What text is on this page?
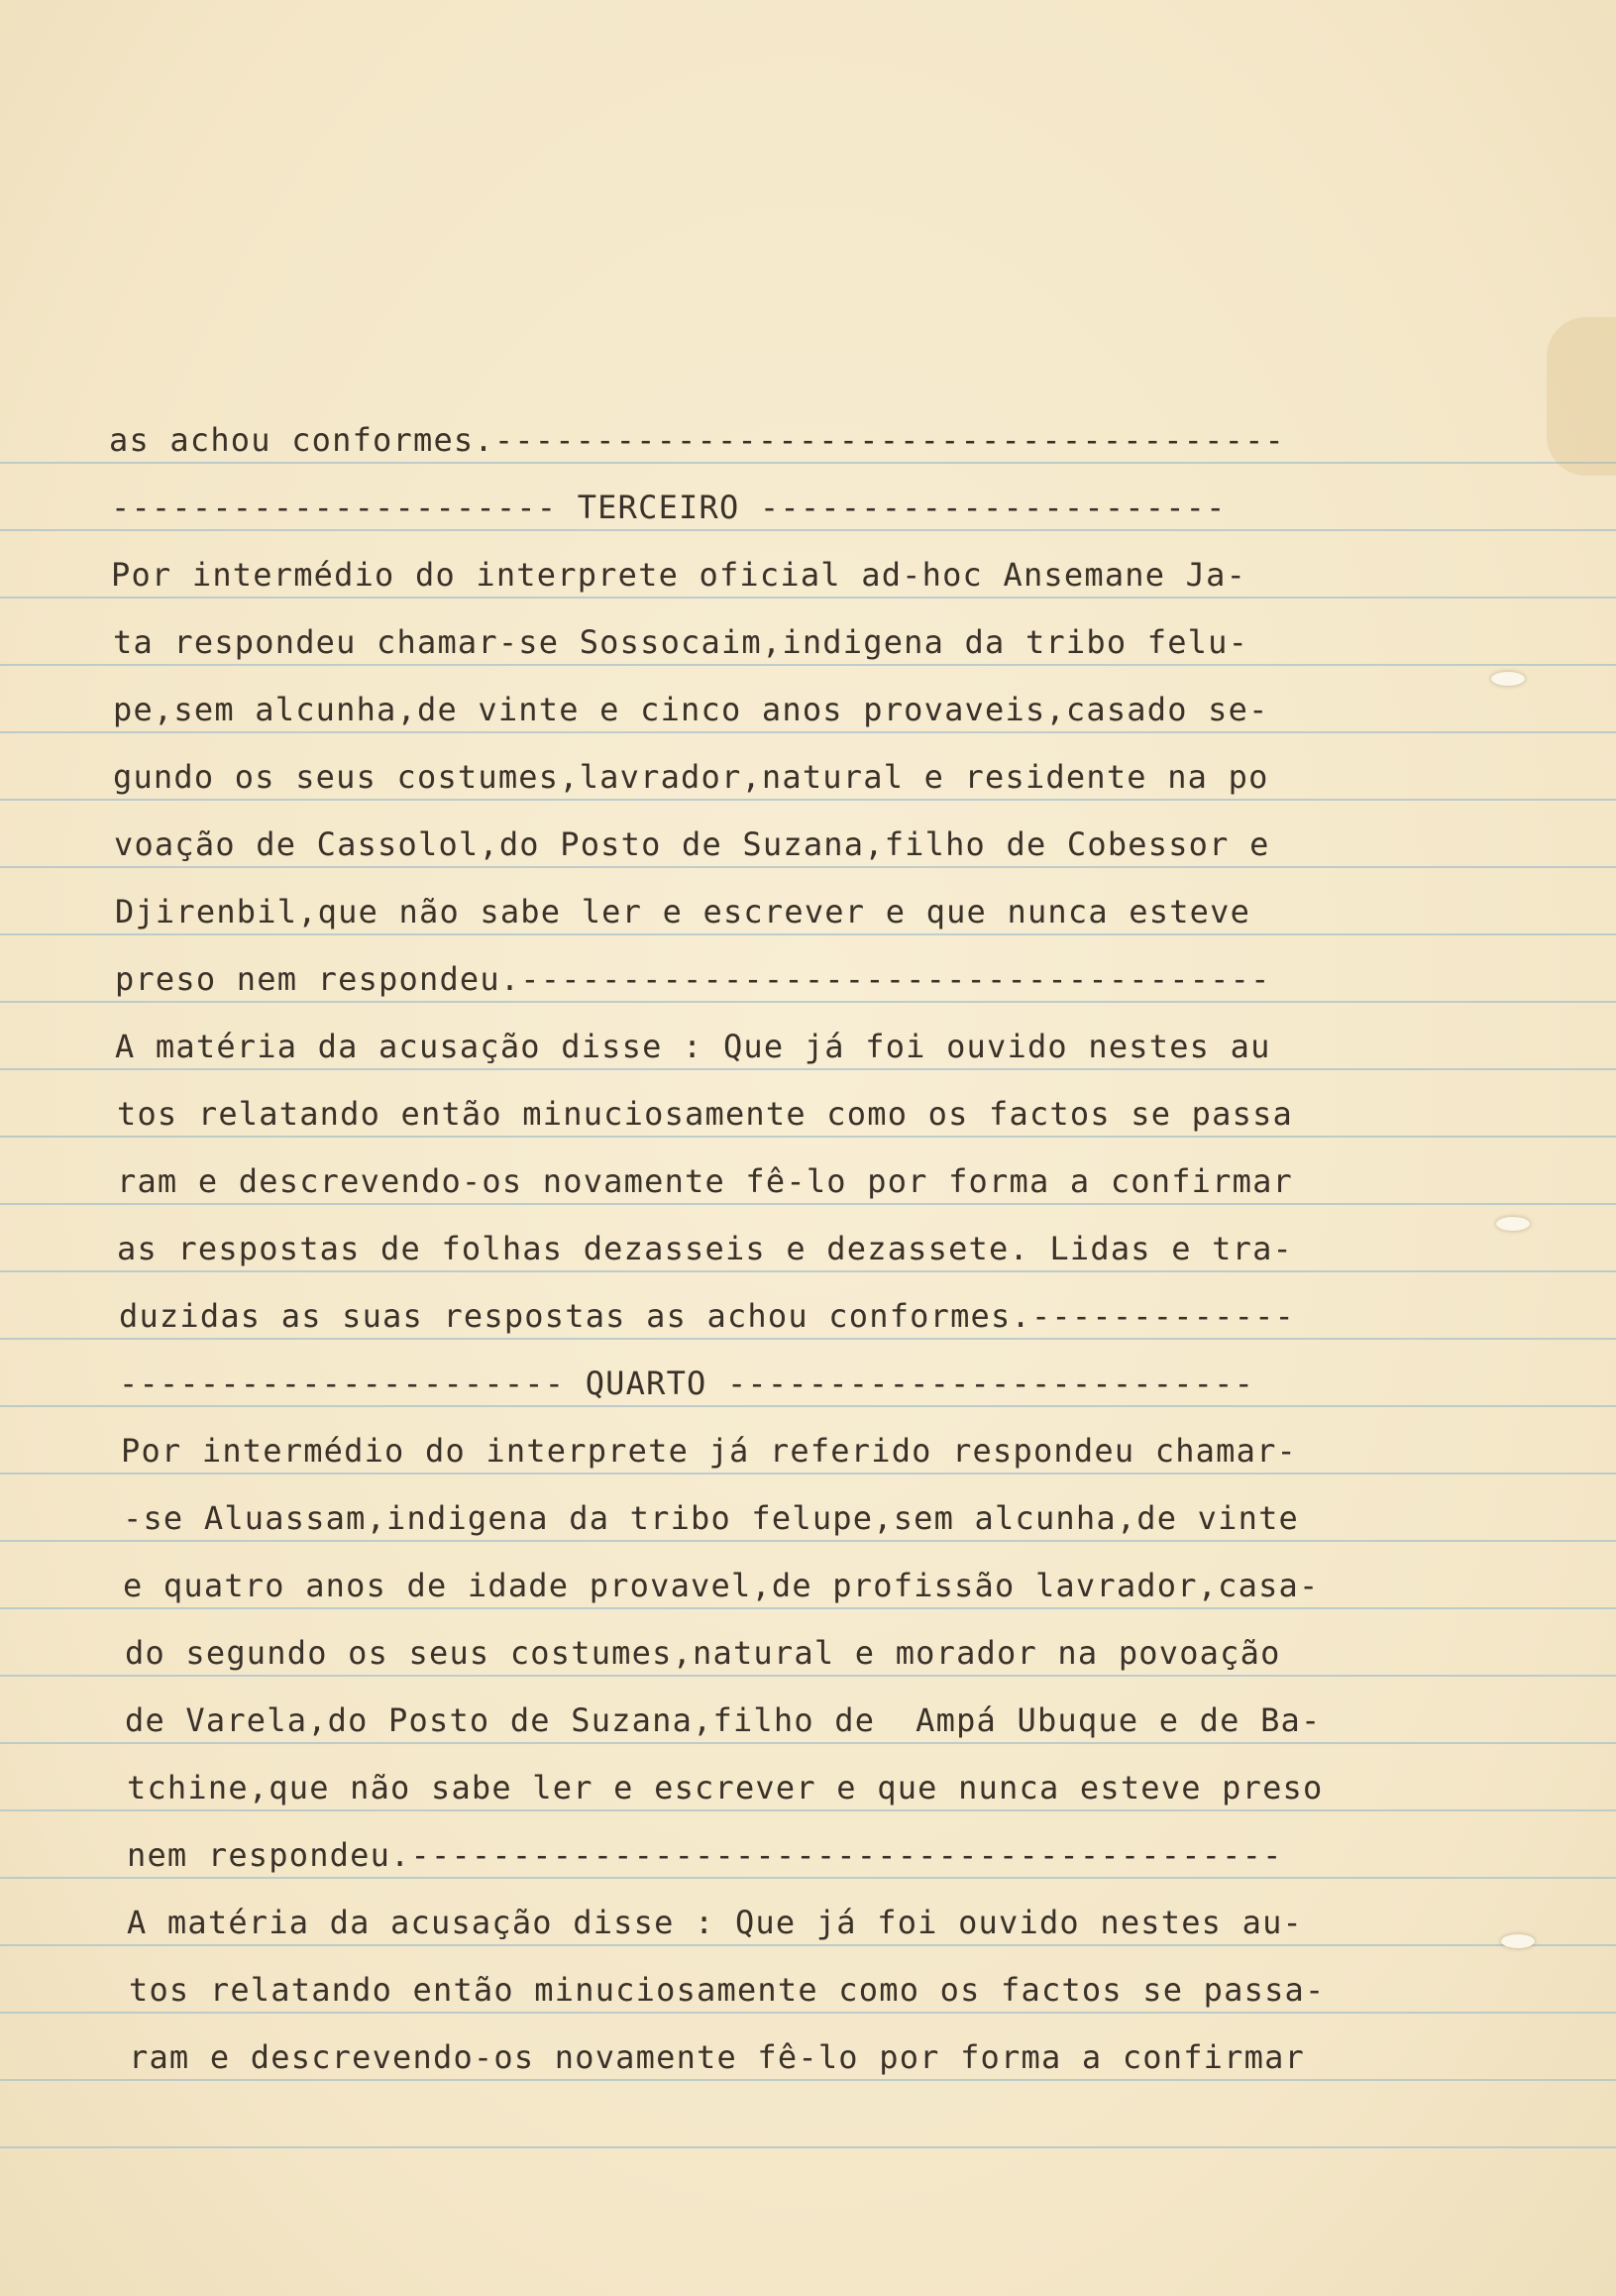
as achou conformes.---------------------------------------

---------------------- TERCEIRO -----------------------

Por intermédio do interprete oficial ad-hoc Ansemane Ja-

ta respondeu chamar-se Sossocaim,indigena da tribo felu-

pe,sem alcunha,de vinte e cinco anos provaveis,casado se-

gundo os seus costumes,lavrador,natural e residente na po

voação de Cassolol,do Posto de Suzana,filho de Cobessor e

Djirenbil,que não sabe ler e escrever e que nunca esteve

preso nem respondeu.-------------------------------------

A matéria da acusação disse : Que já foi ouvido nestes au

tos relatando então minuciosamente como os factos se passa

ram e descrevendo-os novamente fê-lo por forma a confirmar

as respostas de folhas dezasseis e dezassete. Lidas e tra-

duzidas as suas respostas as achou conformes.-------------

---------------------- QUARTO --------------------------

Por intermédio do interprete já referido respondeu chamar-

-se Aluassam,indigena da tribo felupe,sem alcunha,de vinte

e quatro anos de idade provavel,de profissão lavrador,casa-

do segundo os seus costumes,natural e morador na povoação

de Varela,do Posto de Suzana,filho de  Ampá Ubuque e de Ba-

tchine,que não sabe ler e escrever e que nunca esteve preso

nem respondeu.-------------------------------------------

A matéria da acusação disse : Que já foi ouvido nestes au-

tos relatando então minuciosamente como os factos se passa-

ram e descrevendo-os novamente fê-lo por forma a confirmar
